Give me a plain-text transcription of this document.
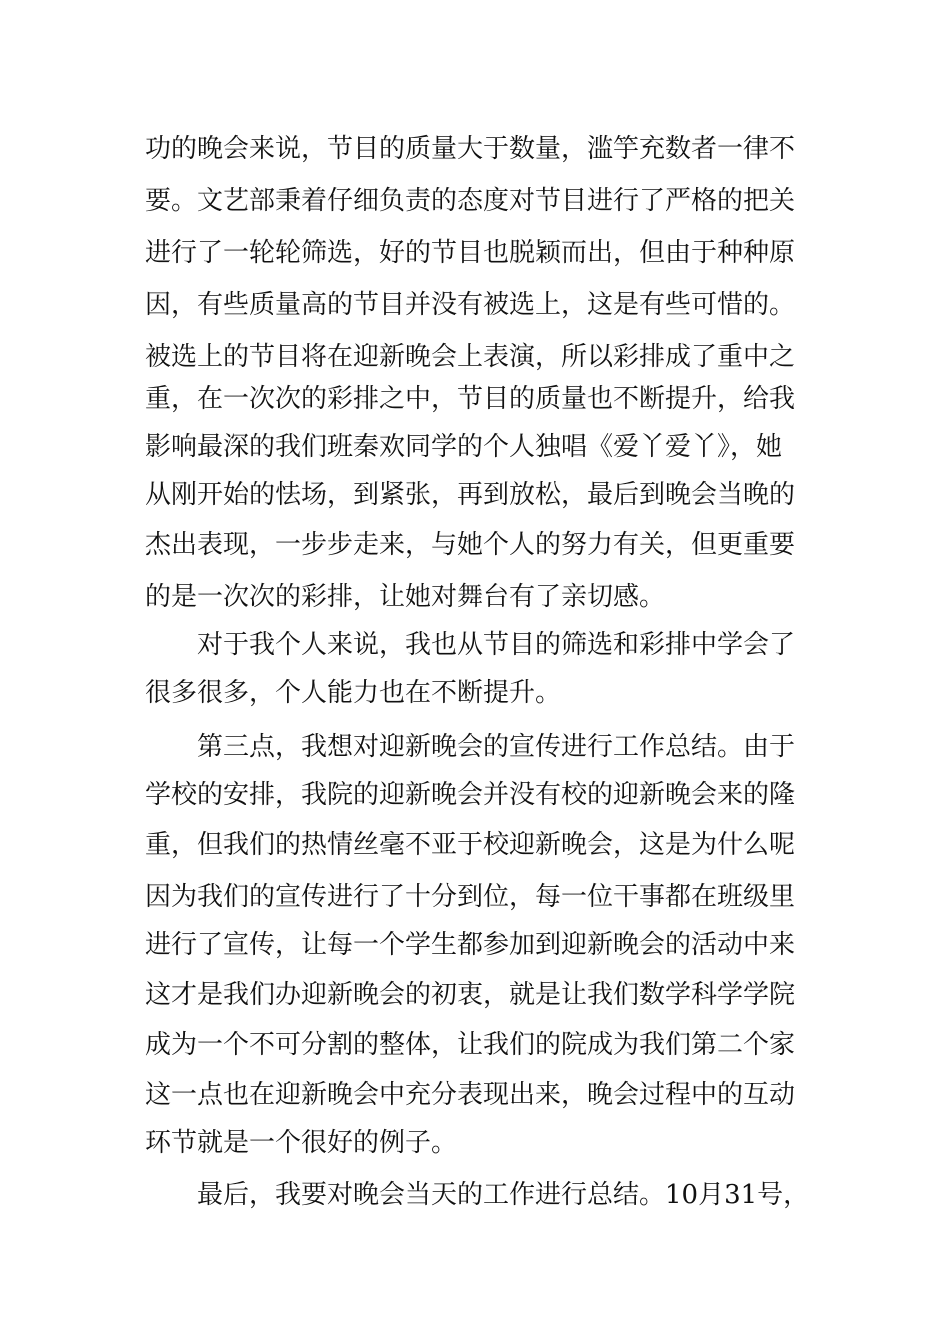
功的晚会来说，节目的质量大于数量，滥竽充数者一律不
要。文艺部秉着仔细负责的态度对节目进行了严格的把关
进行了一轮轮筛选，好的节目也脱颖而出，但由于种种原
因，有些质量高的节目并没有被选上，这是有些可惜的。
被选上的节目将在迎新晚会上表演，所以彩排成了重中之
重，在一次次的彩排之中，节目的质量也不断提升，给我
影响最深的我们班秦欢同学的个人独唱《爱丫爱丫》，她
从刚开始的怯场，到紧张，再到放松，最后到晚会当晚的
杰出表现，一步步走来，与她个人的努力有关，但更重要
的是一次次的彩排，让她对舞台有了亲切感。
对于我个人来说，我也从节目的筛选和彩排中学会了
很多很多，个人能力也在不断提升。
第三点，我想对迎新晚会的宣传进行工作总结。由于
学校的安排，我院的迎新晚会并没有校的迎新晚会来的隆
重，但我们的热情丝毫不亚于校迎新晚会，这是为什么呢
因为我们的宣传进行了十分到位，每一位干事都在班级里
进行了宣传，让每一个学生都参加到迎新晚会的活动中来
这才是我们办迎新晚会的初衷，就是让我们数学科学学院
成为一个不可分割的整体，让我们的院成为我们第二个家
这一点也在迎新晚会中充分表现出来，晚会过程中的互动
环节就是一个很好的例子。
最后，我要对晚会当天的工作进行总结。10月31号，
